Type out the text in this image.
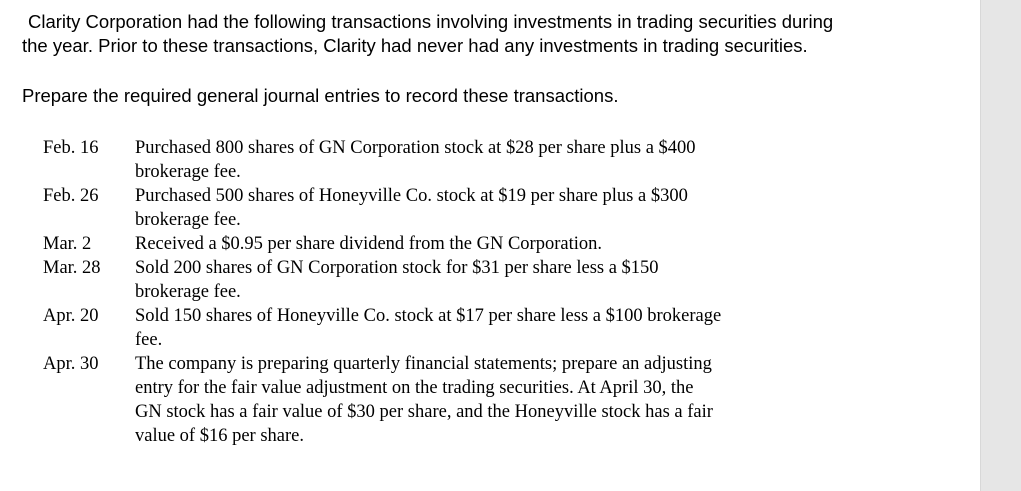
Clarity Corporation had the following transactions involving investments in trading securities during
the year. Prior to these transactions, Clarity had never had any investments in trading securities.
Prepare the required general journal entries to record these transactions.
Feb. 16	Purchased 800 shares of GN Corporation stock at $28 per share plus a $400
brokerage fee.
Feb. 26	Purchased 500 shares of Honeyville Co. stock at $19 per share plus a $300
brokerage fee.
Mar. 2	Received a $0.95 per share dividend from the GN Corporation.
Mar. 28	Sold 200 shares of GN Corporation stock for $31 per share less a $150
brokerage fee.
Apr. 20	Sold 150 shares of Honeyville Co. stock at $17 per share less a $100 brokerage
fee.
Apr. 30	The company is preparing quarterly financial statements; prepare an adjusting
entry for the fair value adjustment on the trading securities. At April 30, the
GN stock has a fair value of $30 per share, and the Honeyville stock has a fair
value of $16 per share.
